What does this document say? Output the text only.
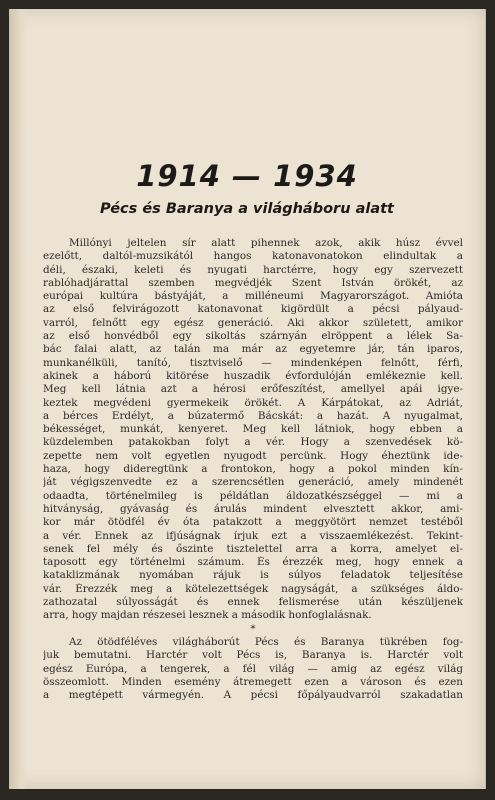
1914 — 1934
Pécs és Baranya a világháboru alatt
Millónyi jeltelen sír alatt pihennek azok, akik húsz évvel
ezelőtt, daltól-muzsikától hangos katonavonatokon elindultak a
déli, északi, keleti és nyugati harctérre, hogy egy szervezett
rablóhadjárattal szemben megvédjék Szent István örökét, az
európai kultúra bástyáját, a milléneumi Magyarországot. Amióta
az első felvirágozott katonavonat kigördült a pécsi pályaud-
varról, felnőtt egy egész generáció. Aki akkor született, amikor
az első honvédből egy sikoltás szárnyán elröppent a lélek Sa-
bác falai alatt, az talán ma már az egyetemre jár, tán iparos,
munkanélküli, tanító, tisztviselő — mindenképen felnőtt, férfi,
akinek a háború kitörése huszadik évfordulóján emlékeznie kell.
Meg kell látnia azt a hérosi erőfeszítést, amellyel apái igye-
keztek megvédeni gyermekeik örökét. A Kárpátokat, az Adriát,
a bérces Erdélyt, a búzatermő Bácskát: a hazát. A nyugalmat,
békességet, munkát, kenyeret. Meg kell látniok, hogy ebben a
küzdelemben patakokban folyt a vér. Hogy a szenvedések kö-
zepette nem volt egyetlen nyugodt percünk. Hogy éheztünk ide-
haza, hogy dideregtünk a frontokon, hogy a pokol minden kín-
ját végigszenvedte ez a szerencsétlen generáció, amely mindenét
odaadta, történelmileg is példátlan áldozatkészséggel — mi a
hitványság, gyávaság és árulás mindent elvesztett akkor, ami-
kor már ötödfél év óta patakzott a meggyötört nemzet testéből
a vér. Ennek az ifjúságnak írjuk ezt a visszaemlékezést. Tekint-
senek fel mély és őszinte tisztelettel arra a korra, amelyet el-
taposott egy történelmi számum. És érezzék meg, hogy ennek a
kataklizmának nyomában rájuk is súlyos feladatok teljesítése
vár. Érezzék meg a kötelezettségek nagyságát, a szükséges áldo-
zathozatal súlyosságát és ennek felismerése után készüljenek
arra, hogy majdan részesei lesznek a második honfoglalásnak.
*
Az ötödféléves világháborút Pécs és Baranya tükrében fog-
juk bemutatni. Harctér volt Pécs is, Baranya is. Harctér volt
egész Európa, a tengerek, a fél világ — amig az egész világ
összeomlott. Minden esemény átremegett ezen a városon és ezen
a megtépett vármegyén. A pécsi főpályaudvarról szakadatlan
